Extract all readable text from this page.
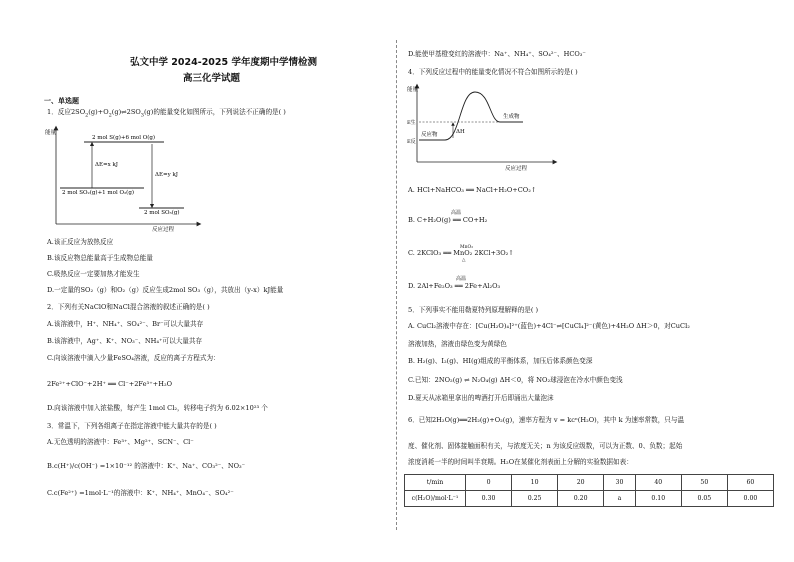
弘文中学 2024-2025 学年度期中学情检测
高三化学试题
一、单选题
1．反应$2SO_2(g)+O_2(g)\rightleftharpoons 2SO_3(g)$的能量变化如图所示，下列说法不正确的是( )
能量
反应过程
2 mol S(g)+6 mol O(g)
2 mol SO₂(g)+1 mol O₂(g)
2 mol SO₃(g)
ΔE=x kJ
ΔE=y kJ
A.该正反应为放热反应
B.该反应物总能量高于生成物总能量
C.吸热反应一定要加热才能发生
D.一定量的SO₂（g）和O₂（g）反应生成2mol SO₃（g），共放出（y-x）kJ能量
2．下列有关NaClO和NaCl混合溶液的叙述正确的是( )
A.该溶液中，H⁺、NH₄⁺、SO₄²⁻、Br⁻可以大量共存
B.该溶液中，Ag⁺、K⁺、NO₃⁻、NH₄⁺可以大量共存
C.向该溶液中滴入少量FeSO₄溶液，反应的离子方程式为：
2Fe²⁺+ClO⁻+2H⁺ ══ Cl⁻+2Fe³⁺+H₂O
D.向该溶液中加入浓盐酸，每产生 1mol Cl₂，转移电子约为 6.02×10²³ 个
3．常温下，下列各组离子在指定溶液中能大量共存的是( )
A.无色透明的溶液中：Fe³⁺、Mg²⁺、SCN⁻、Cl⁻
B.c(H⁺)/c(OH⁻) =1×10⁻¹² 的溶液中：K⁺、Na⁺、CO₃²⁻、NO₃⁻
C.c(Fe²⁺) =1mol·L⁻¹的溶液中：K⁺、NH₄⁺、MnO₄⁻、SO₄²⁻
D.能使甲基橙变红的溶液中：Na⁺、NH₄⁺、SO₄²⁻、HCO₃⁻
4．下列反应过程中的能量变化情况不符合如图所示的是( )
能量
反应过程
生成物
反应物
E生
E反
ΔH
A. HCl+NaHCO₃ ══ NaCl+H₂O+CO₂↑
高温
B. C+H₂O(g) ══ CO+H₂
MnO₂
△
C. 2KClO₃ ══ MnO₂ 2KCl+3O₂↑
高温
D. 2Al+Fe₂O₃ ══ 2Fe+Al₂O₃
5．下列事实不能用勒夏特列原理解释的是( )
A. CuCl₂溶液中存在：[Cu(H₂O)₄]²⁺(蓝色)+4Cl⁻⇌[CuCl₄]²⁻(黄色)+4H₂O ΔH＞0，对CuCl₂
溶液加热，溶液由绿色变为黄绿色
B. H₂(g)、I₂(g)、HI(g)组成的平衡体系，加压后体系颜色变深
C.已知：2NO₂(g) ⇌ N₂O₄(g) ΔH＜0，将 NO₂球浸泡在冷水中颜色变浅
D.夏天从冰箱里拿出的啤酒打开后即涌出大量泡沫
6．已知2H₂O(g)══2H₂(g)+O₂(g)，速率方程为 v = kcⁿ(H₂O)，其中 k 为速率常数，只与温
度、催化剂、固体接触面积有关，与浓度无关；n 为该反应级数，可以为正数、0、负数；起始
浓度消耗一半的时间叫半衰期。H₂O在某催化剂表面上分解的实验数据如表：
t/min	0	10	20	30	40	50	60
c(H₂O)/mol·L⁻¹	0.30	0.25	0.20	a	0.10	0.05	0.00
